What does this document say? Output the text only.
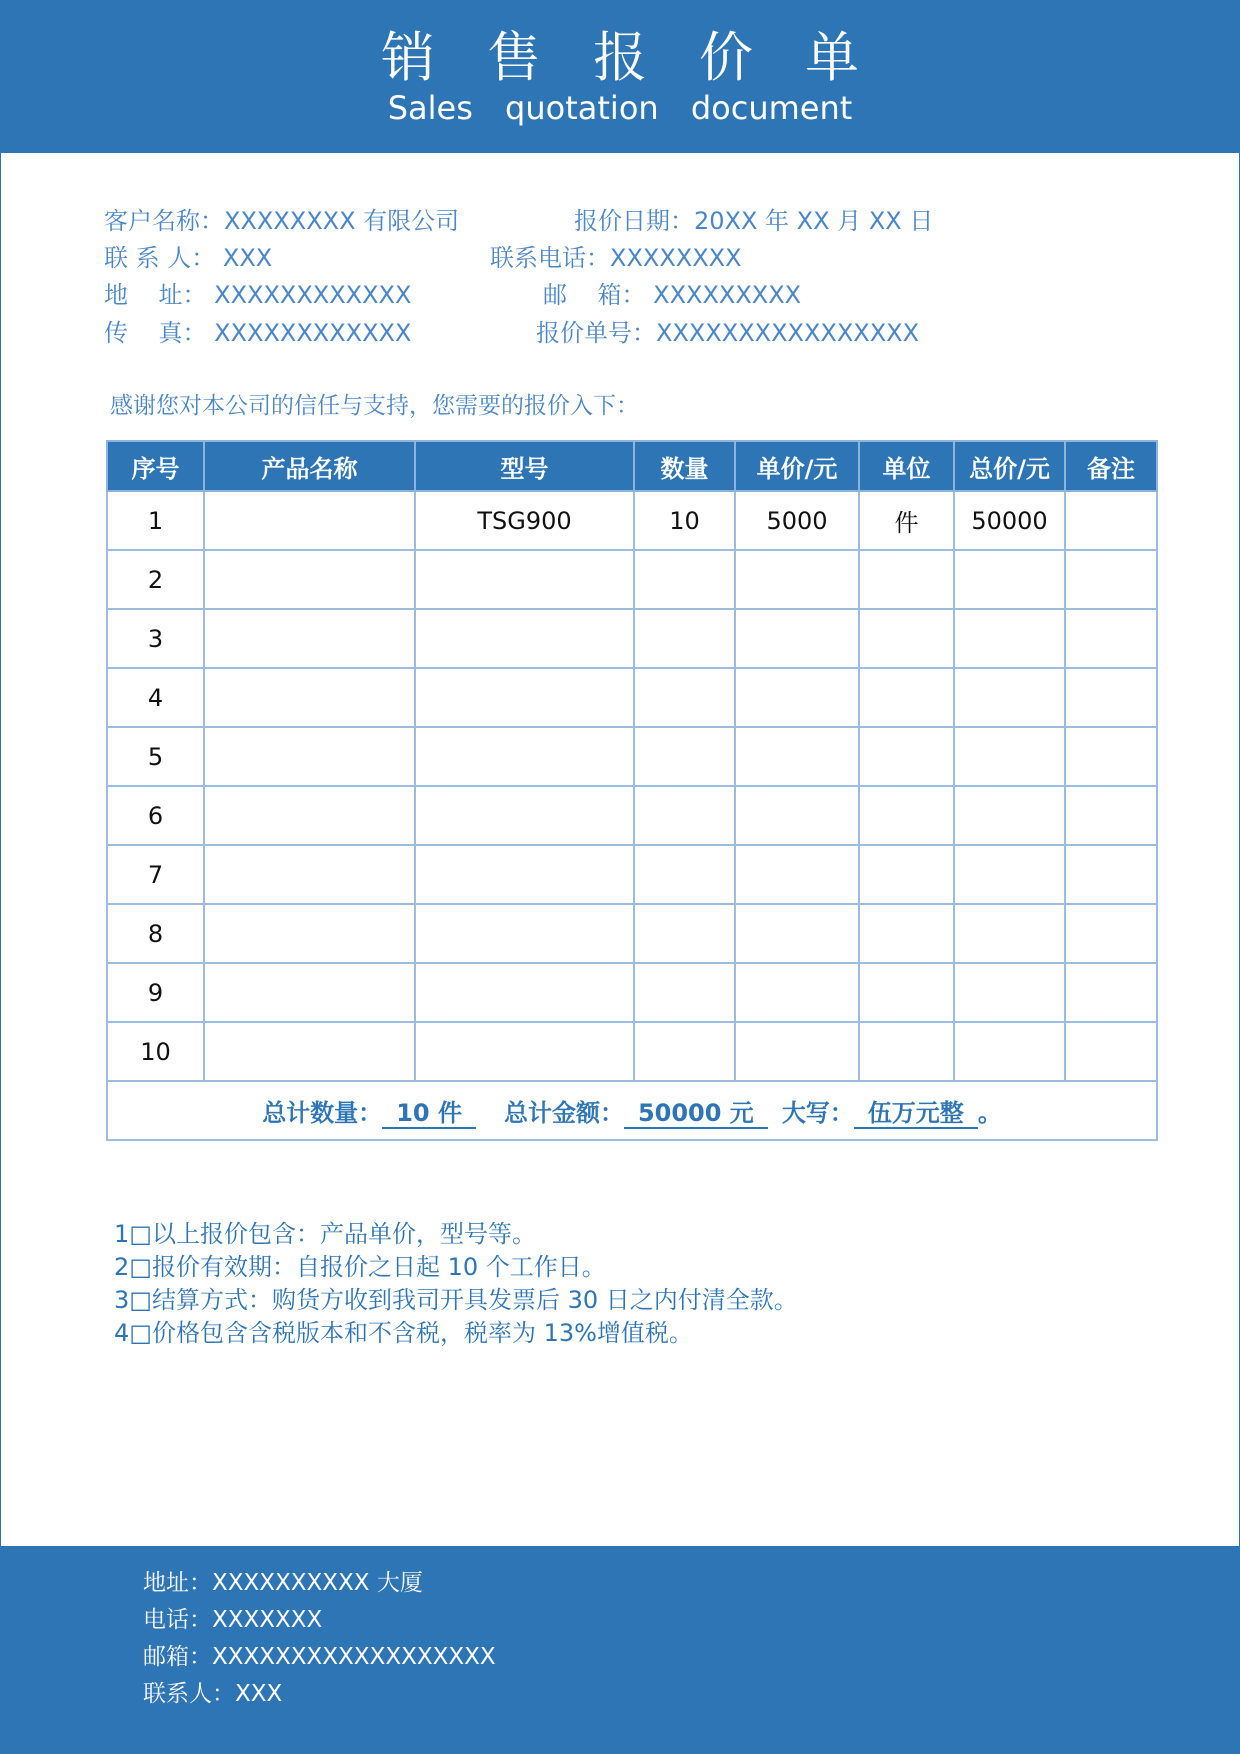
销售报价单
Sales quotation document
客户名称：XXXXXXXX 有限公司	报价日期：20XX 年 XX 月 XX 日
联 系 人： XXX	联系电话：XXXXXXXX
地    址： XXXXXXXXXXXX	邮    箱： XXXXXXXXX
传    真： XXXXXXXXXXXX	报价单号：XXXXXXXXXXXXXXXX
感谢您对本公司的信任与支持，您需要的报价入下：
序号	产品名称	型号	数量	单价/元	单位	总价/元	备注
1		TSG900	10	5000	件	50000	
2							
3							
4							
5							
6							
7							
8							
9							
10							
总计数量： 10 件 总计金额： 50000 元 大写： 伍万元整 。							
1□以上报价包含：产品单价，型号等。
2□报价有效期：自报价之日起 10 个工作日。
3□结算方式：购货方收到我司开具发票后 30 日之内付清全款。
4□价格包含含税版本和不含税，税率为 13%增值税。
地址：XXXXXXXXXX 大厦
电话：XXXXXXX
邮箱：XXXXXXXXXXXXXXXXXX
联系人：XXX
